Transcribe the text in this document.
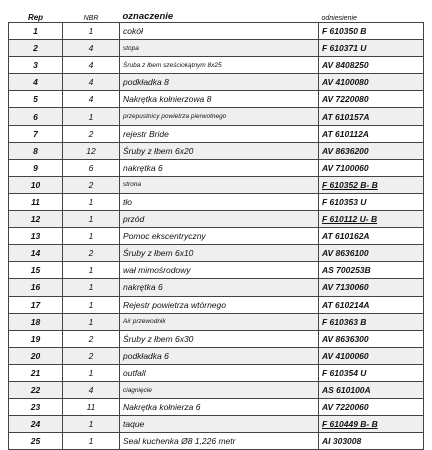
Rep	NBR	oznaczenie	odniesienie
1	1	cokół	F 610350 B
2	4	stopa	F 610371 U
3	4	Śruba z łbem sześciokątnym 8x25	AV 8408250
4	4	podkładka 8	AV 4100080
5	4	Nakrętka kołnierzowa 8	AV 7220080
6	1	przepustnicy powietrza pierwotnego	AT 610157A
7	2	rejestr Bride	AT 610112A
8	12	Śruby z łbem 6x20	AV 8636200
9	6	nakrętka 6	AV 7100060
10	2	strona	F 610352 B- B
11	1	tło	F 610353 U
12	1	przód	F 610112 U- B
13	1	Pomoc ekscentryczny	AT 610162A
14	2	Śruby z łbem 6x10	AV 8636100
15	1	wał mimośrodowy	AS 700253B
16	1	nakrętka 6	AV 7130060
17	1	Rejestr powietrza wtórnego	AT 610214A
18	1	Air przewodnik	F 610363 B
19	2	Śruby z łbem 6x30	AV 8636300
20	2	podkładka 6	AV 4100060
21	1	outfall	F 610354 U
22	4	ciagnięcie	AS 610100A
23	11	Nakrętka kołnierza 6	AV 7220060
24	1	taque	F 610449 B- B
25	1	Seal kuchenka Ø8 1,226 metr	AI 303008
